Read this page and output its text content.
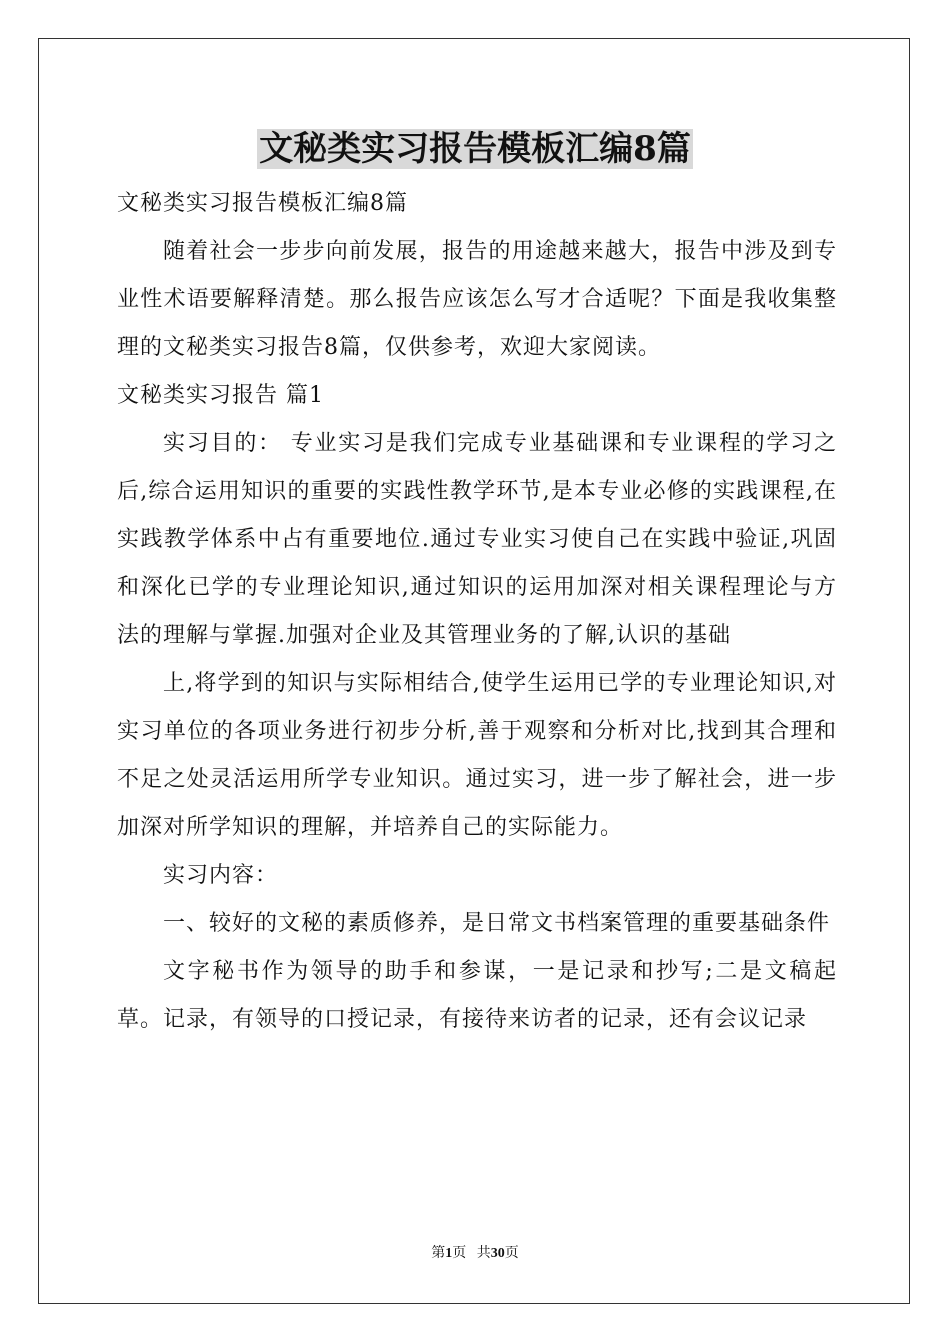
文秘类实习报告模板汇编8篇

文秘类实习报告模板汇编8篇

随着社会一步步向前发展，报告的用途越来越大，报告中涉及到专业性术语要解释清楚。那么报告应该怎么写才合适呢？下面是我收集整理的文秘类实习报告8篇，仅供参考，欢迎大家阅读。

文秘类实习报告 篇1

实习目的： 专业实习是我们完成专业基础课和专业课程的学习之后,综合运用知识的重要的实践性教学环节,是本专业必修的实践课程,在实践教学体系中占有重要地位.通过专业实习使自己在实践中验证,巩固和深化已学的专业理论知识,通过知识的运用加深对相关课程理论与方法的理解与掌握.加强对企业及其管理业务的了解,认识的基础

上,将学到的知识与实际相结合,使学生运用已学的专业理论知识,对实习单位的各项业务进行初步分析,善于观察和分析对比,找到其合理和不足之处灵活运用所学专业知识。通过实习，进一步了解社会，进一步加深对所学知识的理解，并培养自己的实际能力。

实习内容：

一、较好的文秘的素质修养，是日常文书档案管理的重要基础条件

文字秘书作为领导的助手和参谋，一是记录和抄写;二是文稿起草。记录，有领导的口授记录，有接待来访者的记录，还有会议记录

第1页 共30页
